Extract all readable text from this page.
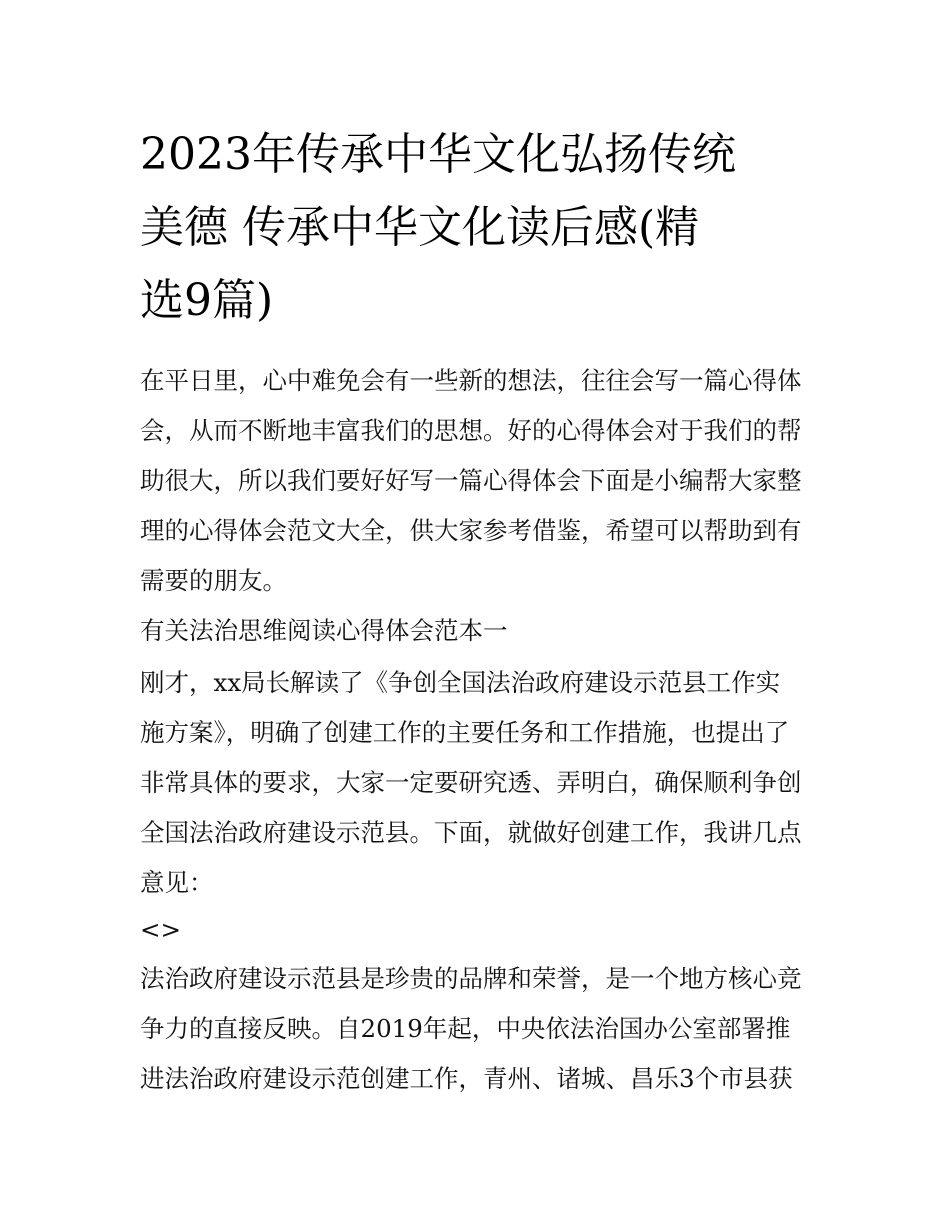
2023年传承中华文化弘扬传统
美德 传承中华文化读后感(精
选9篇)
在平日里，心中难免会有一些新的想法，往往会写一篇心得体
会，从而不断地丰富我们的思想。好的心得体会对于我们的帮
助很大，所以我们要好好写一篇心得体会下面是小编帮大家整
理的心得体会范文大全，供大家参考借鉴，希望可以帮助到有
需要的朋友。
有关法治思维阅读心得体会范本一
刚才，xx局长解读了《争创全国法治政府建设示范县工作实
施方案》，明确了创建工作的主要任务和工作措施，也提出了
非常具体的要求，大家一定要研究透、弄明白，确保顺利争创
全国法治政府建设示范县。下面，就做好创建工作，我讲几点
意见：
<>
法治政府建设示范县是珍贵的品牌和荣誉，是一个地方核心竞
争力的直接反映。自2019年起，中央依法治国办公室部署推
进法治政府建设示范创建工作，青州、诸城、昌乐3个市县获
